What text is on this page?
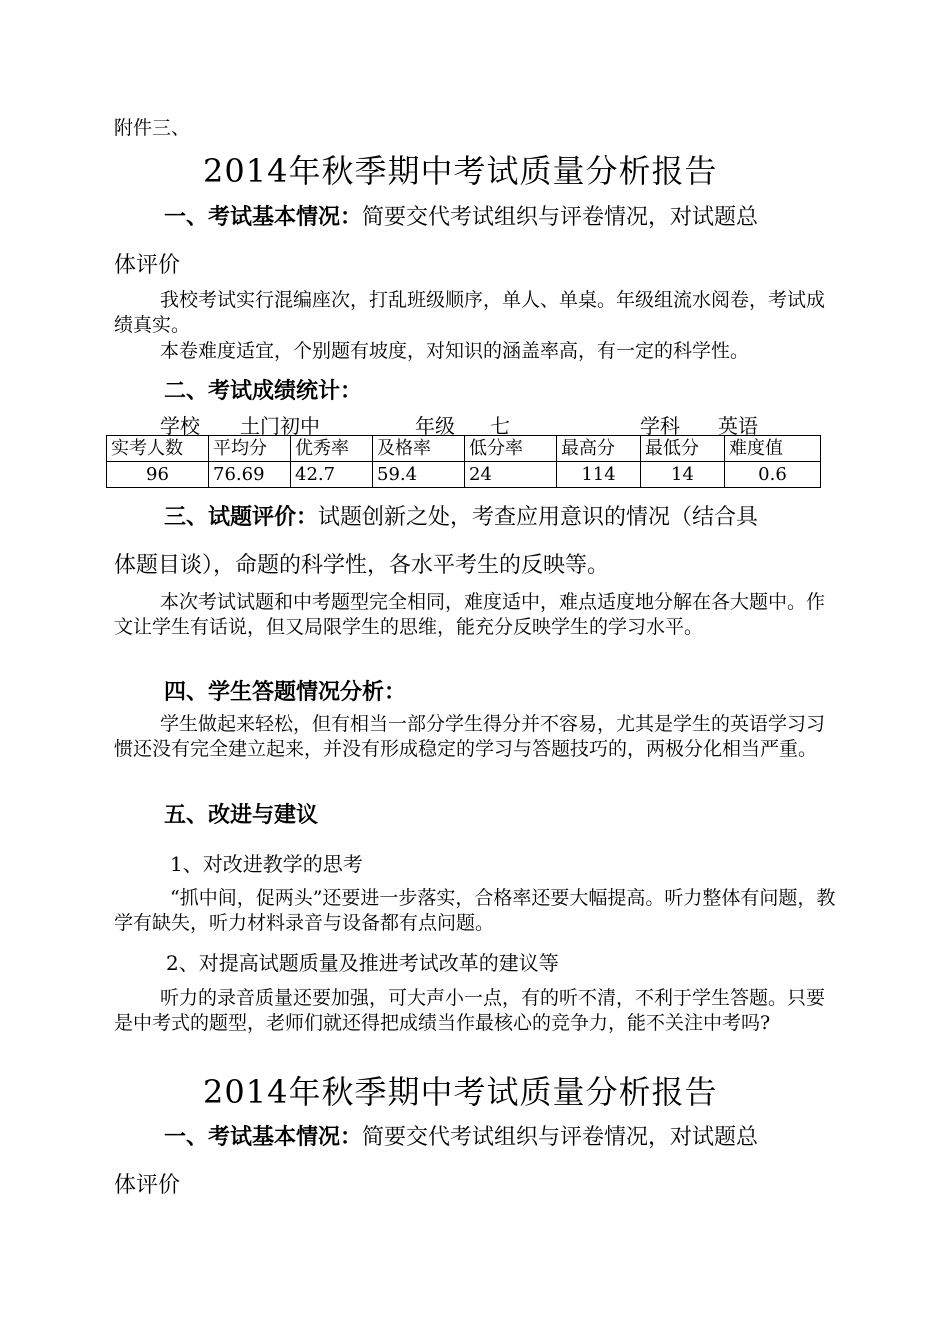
附件三、
2014年秋季期中考试质量分析报告
一、考试基本情况：简要交代考试组织与评卷情况，对试题总
体评价
我校考试实行混编座次，打乱班级顺序，单人、单桌。年级组流水阅卷，考试成绩真实。
本卷难度适宜，个别题有坡度，对知识的涵盖率高，有一定的科学性。
二、考试成绩统计：
学校 土门初中	年级 七	学科 英语
实考人数	平均分	优秀率	及格率	低分率	最高分	最低分	难度值
96	76.69	42.7	59.4	24	114	14	0.6
三、试题评价：试题创新之处，考查应用意识的情况（结合具
体题目谈），命题的科学性，各水平考生的反映等。
本次考试试题和中考题型完全相同，难度适中，难点适度地分解在各大题中。作文让学生有话说，但又局限学生的思维，能充分反映学生的学习水平。
四、学生答题情况分析：
学生做起来轻松，但有相当一部分学生得分并不容易，尤其是学生的英语学习习惯还没有完全建立起来，并没有形成稳定的学习与答题技巧的，两极分化相当严重。
五、改进与建议
1、对改进教学的思考
“抓中间，促两头”还要进一步落实，合格率还要大幅提高。听力整体有问题，教学有缺失，听力材料录音与设备都有点问题。
2、对提高试题质量及推进考试改革的建议等
听力的录音质量还要加强，可大声小一点，有的听不清，不利于学生答题。只要是中考式的题型，老师们就还得把成绩当作最核心的竞争力，能不关注中考吗?
2014年秋季期中考试质量分析报告
一、考试基本情况：简要交代考试组织与评卷情况，对试题总
体评价
